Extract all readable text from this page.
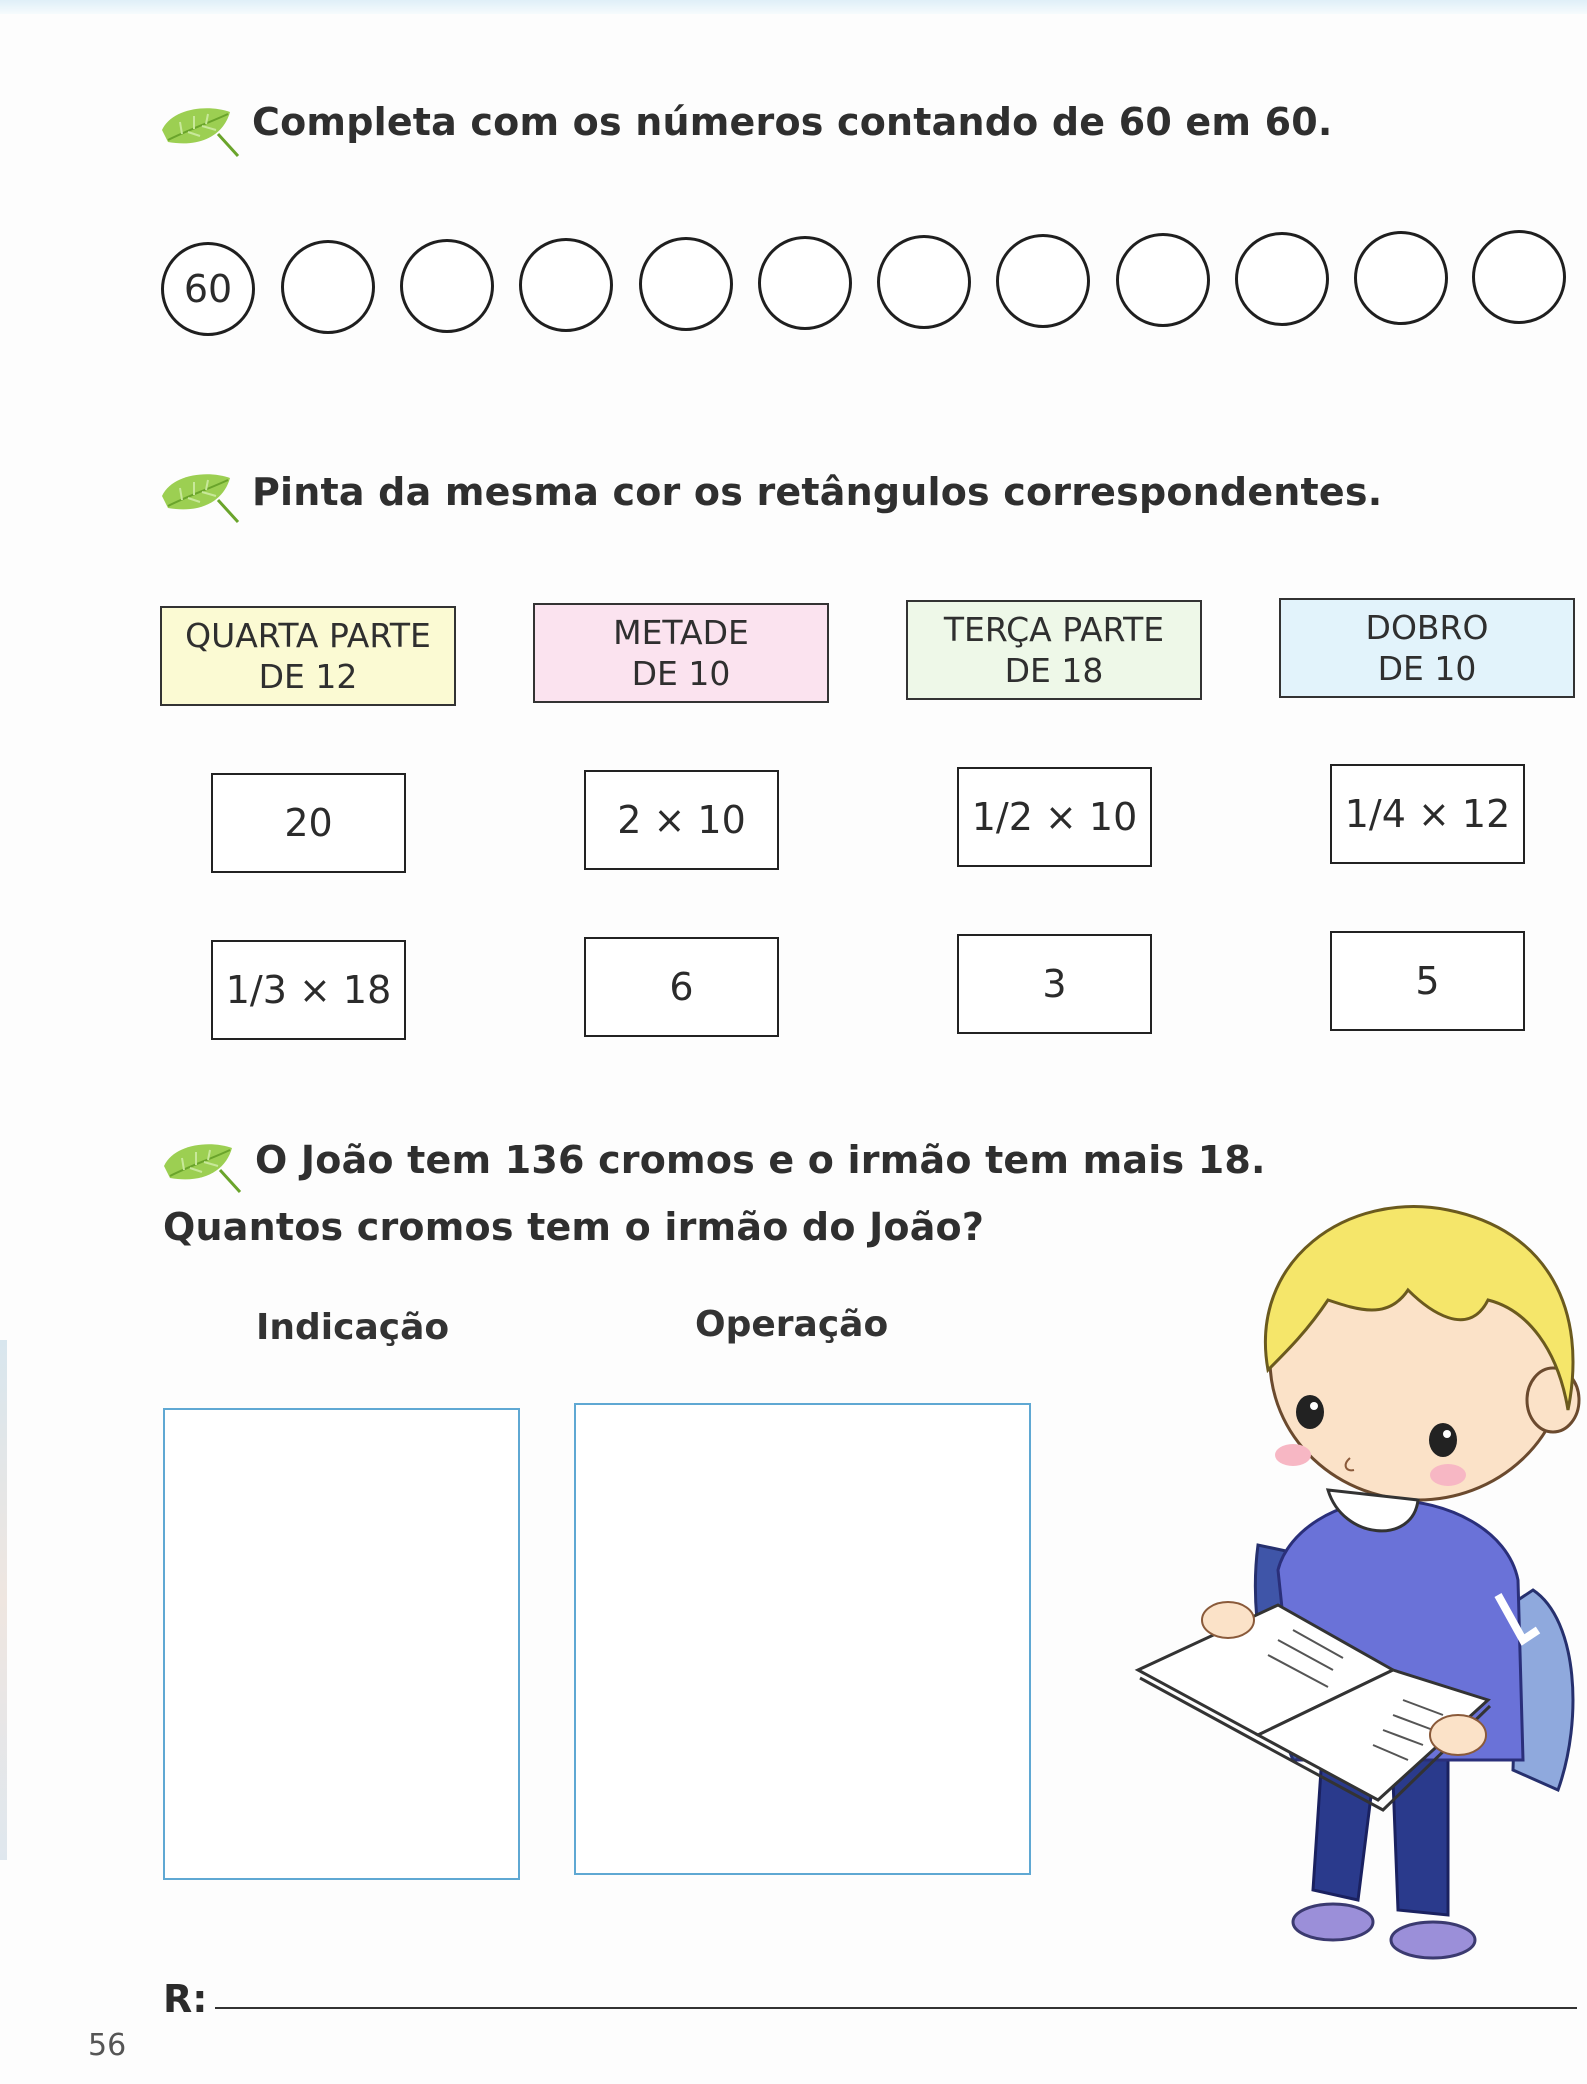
Completa com os números contando de 60 em 60.
60
Pinta da mesma cor os retângulos correspondentes.
QUARTA PARTE
DE 12
METADE
DE 10
TERÇA PARTE
DE 18
DOBRO
DE 10
20	2 × 10	1/2 × 10	1/4 × 12
1/3 × 18	6	3	5
O João tem 136 cromos e o irmão tem mais 18.
Quantos cromos tem o irmão do João?
Indicação	Operação
R:
56
